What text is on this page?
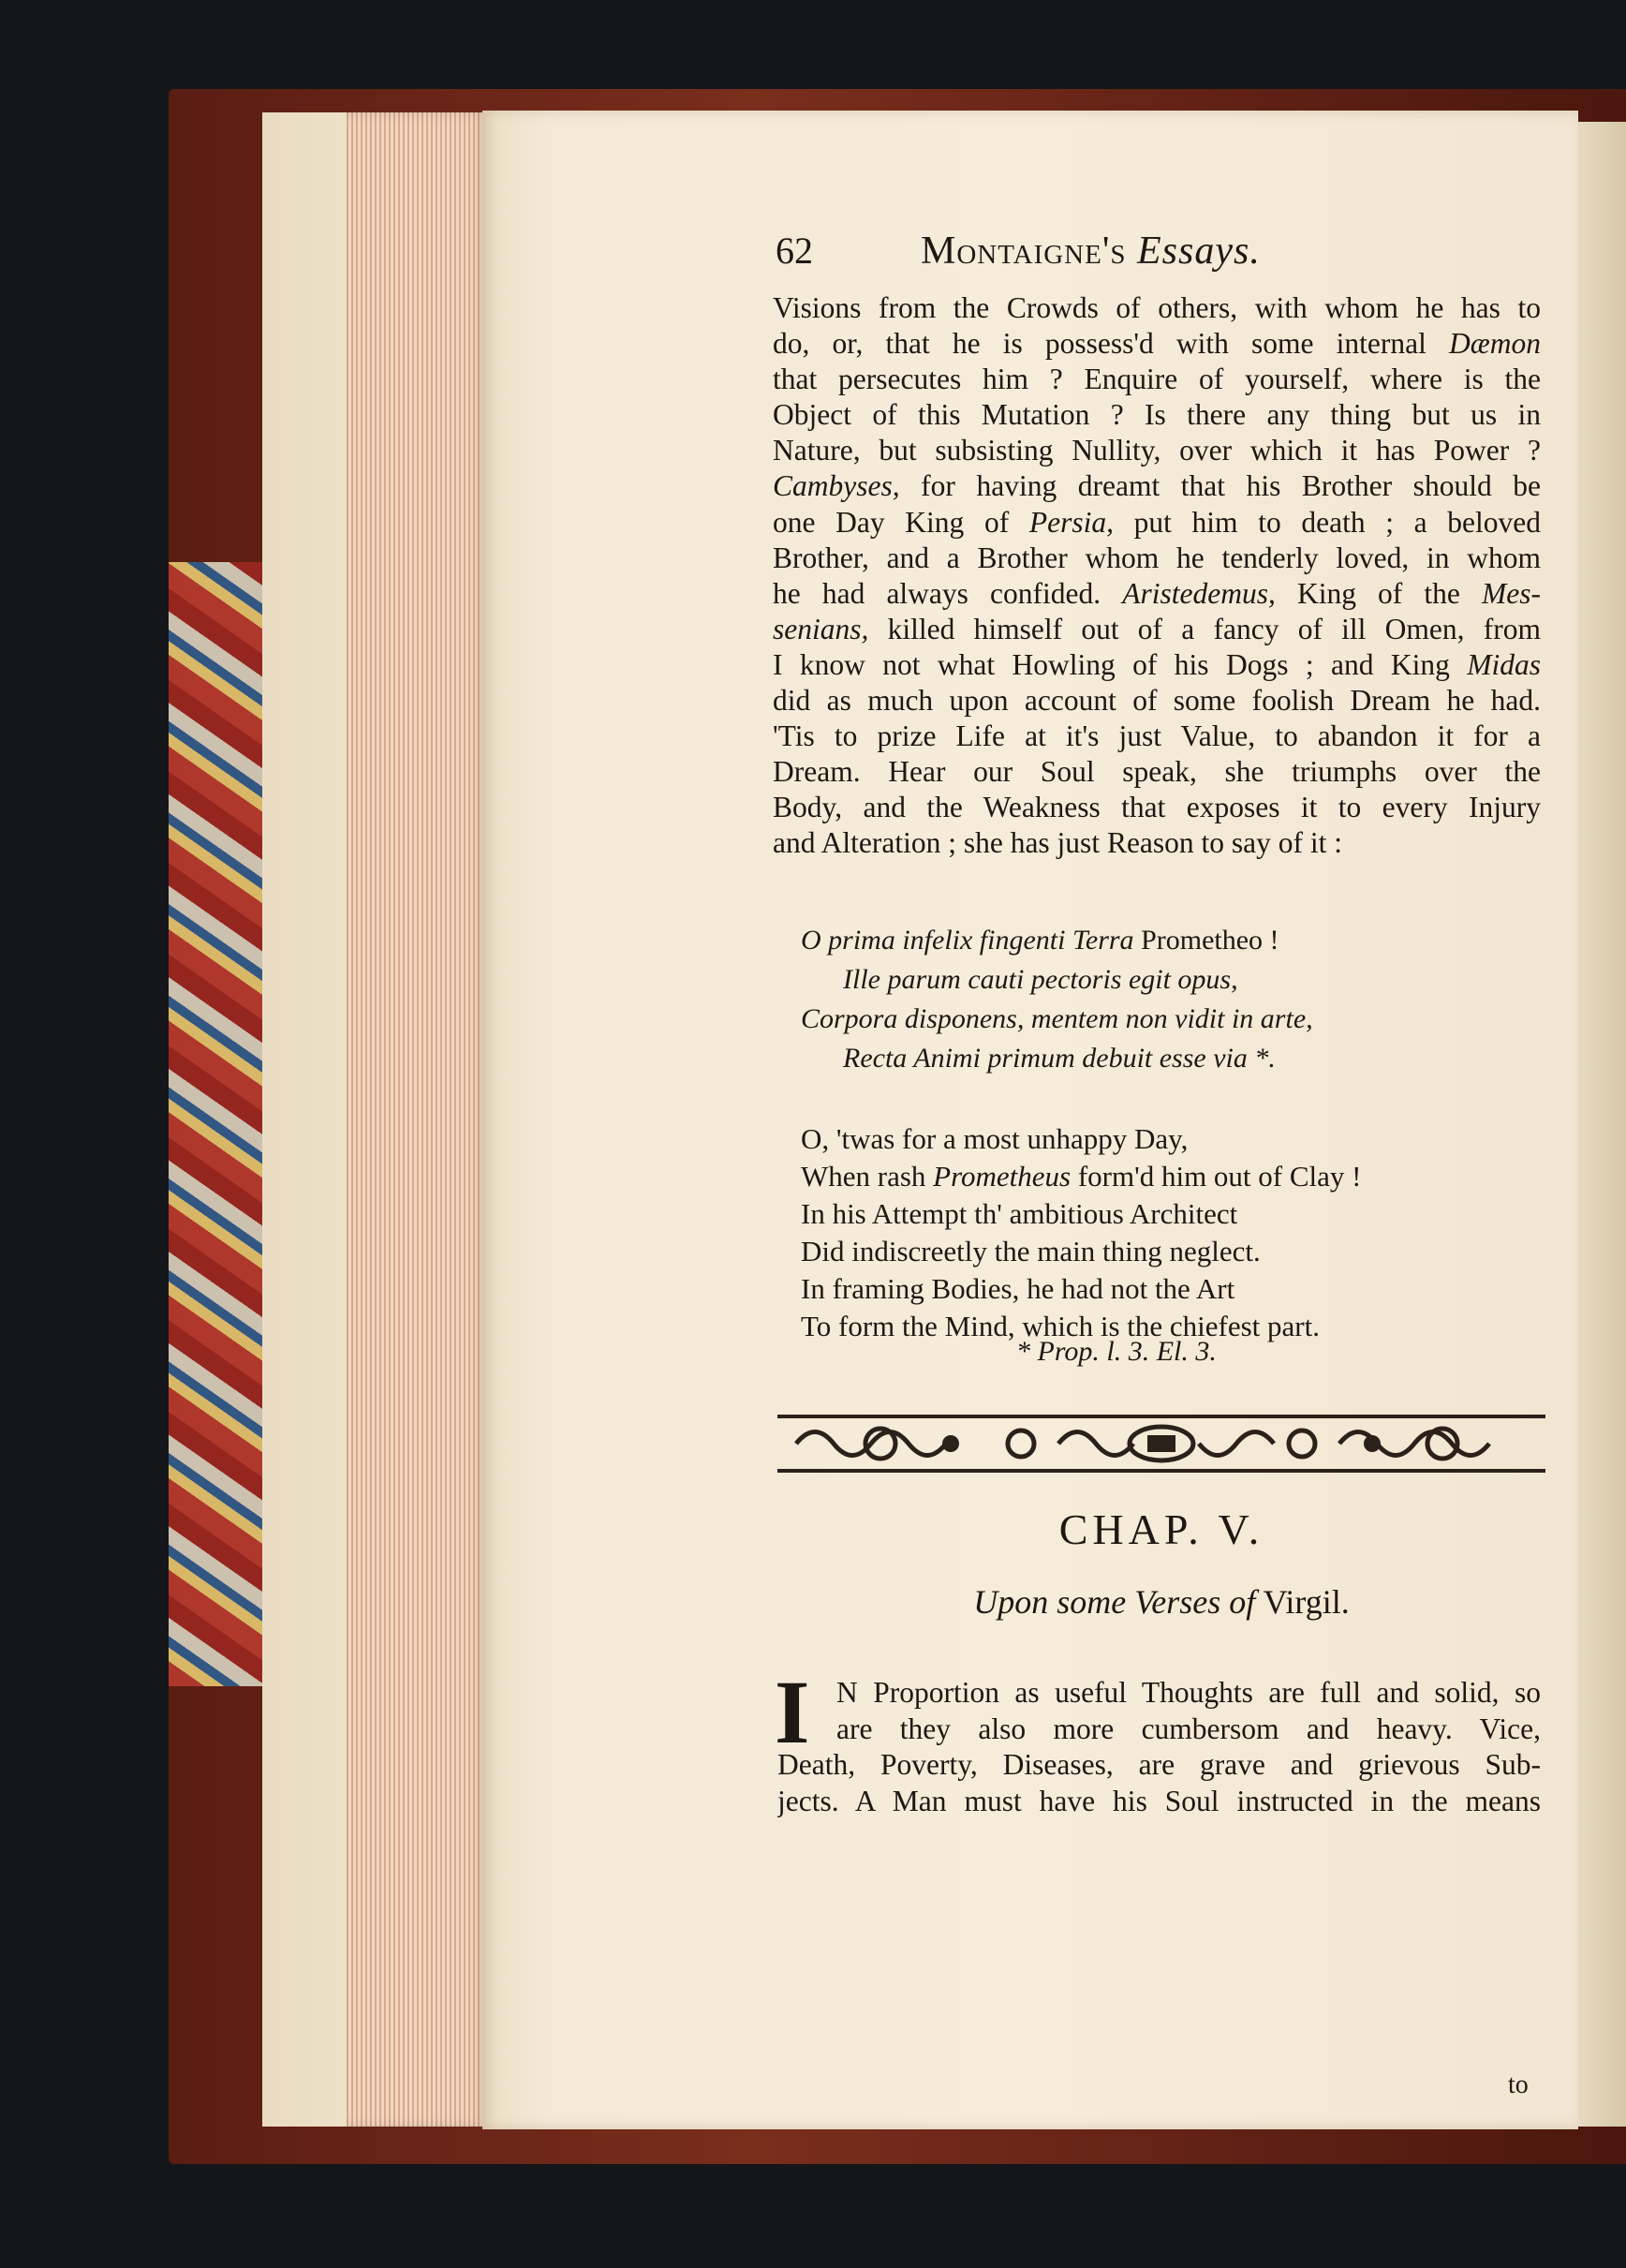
62	Montaigne's Essays.
Visions from the Crowds of others, with whom he has to
do, or, that he is possess'd with some internal Dæmon
that persecutes him ? Enquire of yourself, where is the
Object of this Mutation ? Is there any thing but us in
Nature, but subsisting Nullity, over which it has Power ?
Cambyses, for having dreamt that his Brother should be
one Day King of Persia, put him to death ; a beloved
Brother, and a Brother whom he tenderly loved, in whom
he had always confided. Aristedemus, King of the Mes-
senians, killed himself out of a fancy of ill Omen, from
I know not what Howling of his Dogs ; and King Midas
did as much upon account of some foolish Dream he had.
'Tis to prize Life at it's just Value, to abandon it for a
Dream. Hear our Soul speak, she triumphs over the
Body, and the Weakness that exposes it to every Injury
and Alteration ; she has just Reason to say of it :
O prima infelix fingenti Terra Prometheo !
Ille parum cauti pectoris egit opus,
Corpora disponens, mentem non vidit in arte,
Recta Animi primum debuit esse via *.
O, 'twas for a most unhappy Day,
When rash Prometheus form'd him out of Clay !
In his Attempt th' ambitious Architect
Did indiscreetly the main thing neglect.
In framing Bodies, he had not the Art
To form the Mind, which is the chiefest part.
* Prop. l. 3. El. 3.
CHAP. V.
Upon some Verses of Virgil.
I N Proportion as useful Thoughts are full and solid, so
are they also more cumbersom and heavy. Vice,
Death, Poverty, Diseases, are grave and grievous Sub-
jects. A Man must have his Soul instructed in the means
to
